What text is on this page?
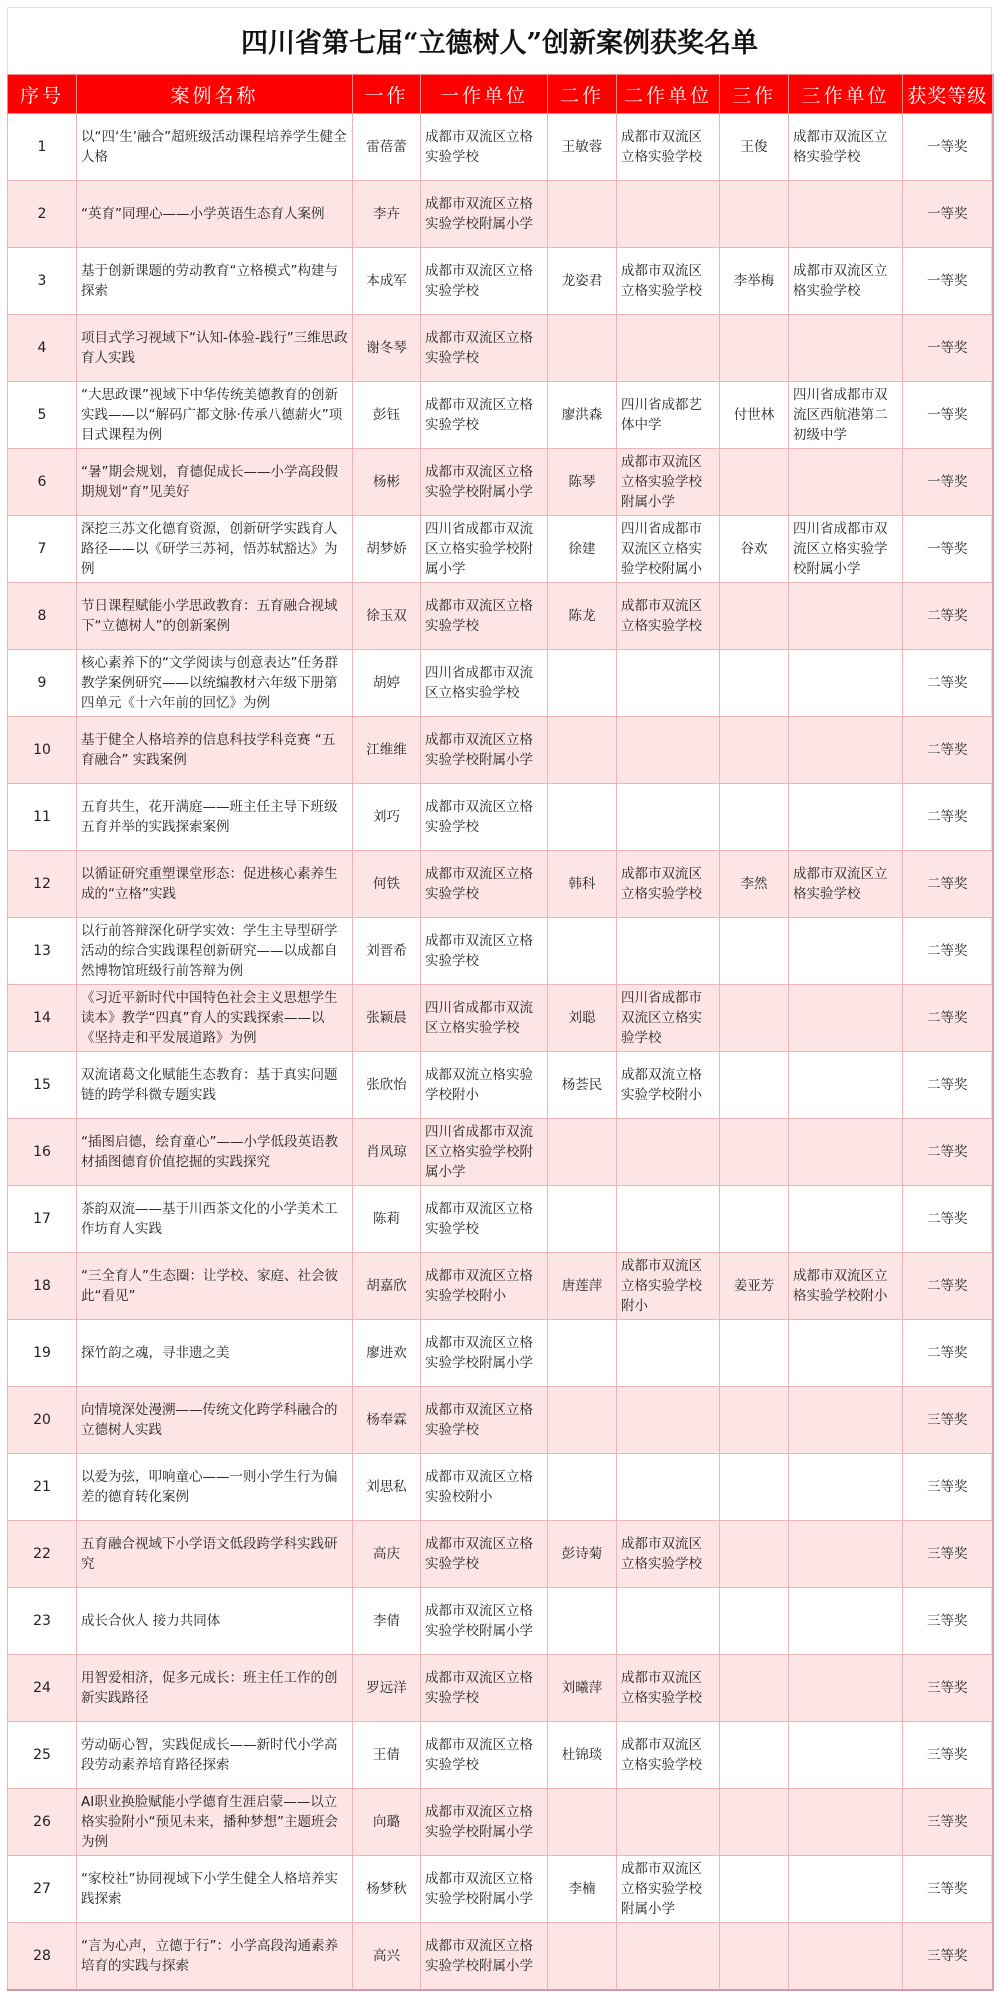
四川省第七届“立德树人”创新案例获奖名单
序号	案例名称	一作	一作单位	二作	二作单位	三作	三作单位	获奖等级
1	以“四‘生’融合”超班级活动课程培养学生健全人格	雷蓓蕾	成都市双流区立格实验学校	王敏蓉	成都市双流区立格实验学校	王俊	成都市双流区立格实验学校	一等奖
2	“英育”同理心——小学英语生态育人案例	李卉	成都市双流区立格实验学校附属小学					一等奖
3	基于创新课题的劳动教育“立格模式”构建与探索	本成军	成都市双流区立格实验学校	龙姿君	成都市双流区立格实验学校	李举梅	成都市双流区立格实验学校	一等奖
4	项目式学习视域下“认知-体验-践行”三维思政育人实践	谢冬琴	成都市双流区立格实验学校					一等奖
5	“大思政课”视域下中华传统美德教育的创新实践——以“解码广都文脉·传承八德薪火”项目式课程为例	彭钰	成都市双流区立格实验学校	廖洪森	四川省成都艺体中学	付世林	四川省成都市双流区西航港第二初级中学	一等奖
6	“暑”期会规划，育德促成长——小学高段假期规划“育”见美好	杨彬	成都市双流区立格实验学校附属小学	陈琴	成都市双流区立格实验学校附属小学			一等奖
7	深挖三苏文化德育资源，创新研学实践育人路径——以《研学三苏祠，悟苏轼豁达》为例	胡梦娇	四川省成都市双流区立格实验学校附属小学	徐建	四川省成都市双流区立格实验学校附属小	谷欢	四川省成都市双流区立格实验学校附属小学	一等奖
8	节日课程赋能小学思政教育：五育融合视域下“立德树人”的创新案例	徐玉双	成都市双流区立格实验学校	陈龙	成都市双流区立格实验学校			二等奖
9	核心素养下的“文学阅读与创意表达”任务群教学案例研究——以统编教材六年级下册第四单元《十六年前的回忆》为例	胡婷	四川省成都市双流区立格实验学校					二等奖
10	基于健全人格培养的信息科技学科竞赛 “五育融合” 实践案例	江维维	成都市双流区立格实验学校附属小学					二等奖
11	五育共生，花开满庭——班主任主导下班级五育并举的实践探索案例	刘巧	成都市双流区立格实验学校					二等奖
12	以循证研究重塑课堂形态：促进核心素养生成的“立格”实践	何铁	成都市双流区立格实验学校	韩科	成都市双流区立格实验学校	李然	成都市双流区立格实验学校	二等奖
13	以行前答辩深化研学实效：学生主导型研学活动的综合实践课程创新研究——以成都自然博物馆班级行前答辩为例	刘晋希	成都市双流区立格实验学校					二等奖
14	《习近平新时代中国特色社会主义思想学生读本》教学“四真”育人的实践探索——以《坚持走和平发展道路》为例	张颖晨	四川省成都市双流区立格实验学校	刘聪	四川省成都市双流区立格实验学校			二等奖
15	双流诸葛文化赋能生态教育：基于真实问题链的跨学科微专题实践	张欣怡	成都双流立格实验学校附小	杨荟民	成都双流立格实验学校附小			二等奖
16	“插图启德，绘育童心”——小学低段英语教材插图德育价值挖掘的实践探究	肖凤琼	四川省成都市双流区立格实验学校附属小学					二等奖
17	茶韵双流——基于川西茶文化的小学美术工作坊育人实践	陈莉	成都市双流区立格实验学校					二等奖
18	“三全育人”生态圈：让学校、家庭、社会彼此“看见”	胡嘉欣	成都市双流区立格实验学校附小	唐莲萍	成都市双流区立格实验学校附小	姜亚芳	成都市双流区立格实验学校附小	二等奖
19	探竹韵之魂，寻非遗之美	廖进欢	成都市双流区立格实验学校附属小学					二等奖
20	向情境深处漫溯——传统文化跨学科融合的立德树人实践	杨奉霖	成都市双流区立格实验学校					三等奖
21	以爱为弦，叩响童心——一则小学生行为偏差的德育转化案例	刘思私	成都市双流区立格实验校附小					三等奖
22	五育融合视域下小学语文低段跨学科实践研究	高庆	成都市双流区立格实验学校	彭诗菊	成都市双流区立格实验学校			三等奖
23	成长合伙人 接力共同体	李倩	成都市双流区立格实验学校附属小学					三等奖
24	用智爱相济，促多元成长：班主任工作的创新实践路径	罗远洋	成都市双流区立格实验学校	刘曦萍	成都市双流区立格实验学校			三等奖
25	劳动砺心智，实践促成长——新时代小学高段劳动素养培育路径探索	王倩	成都市双流区立格实验学校	杜锦琰	成都市双流区立格实验学校			三等奖
26	AI职业换脸赋能小学德育生涯启蒙——以立格实验附小“预见未来，播种梦想”主题班会为例	向璐	成都市双流区立格实验学校附属小学					三等奖
27	“家校社”协同视域下小学生健全人格培养实践探索	杨梦秋	成都市双流区立格实验学校附属小学	李楠	成都市双流区立格实验学校附属小学			三等奖
28	“言为心声，立德于行”：小学高段沟通素养培育的实践与探索	高兴	成都市双流区立格实验学校附属小学					三等奖
